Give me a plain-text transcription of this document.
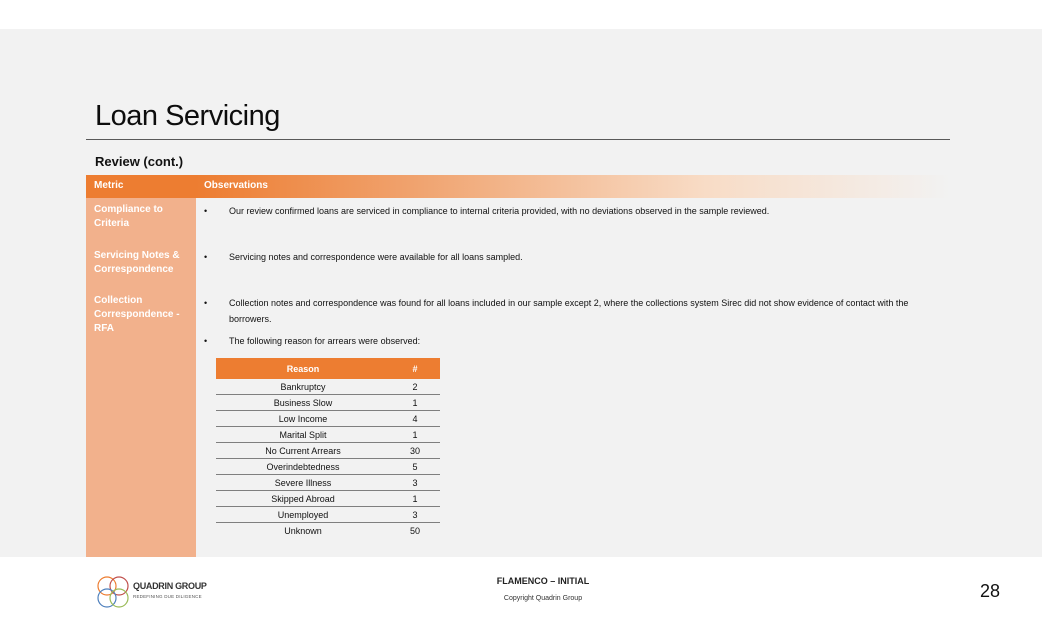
Loan Servicing
Review (cont.)
Metric	Observations
Compliance to Criteria
• Our review confirmed loans are serviced in compliance to internal criteria provided, with no deviations observed in the sample reviewed.
Servicing Notes & Correspondence
• Servicing notes and correspondence were available for all loans sampled.
Collection Correspondence - RFA
• Collection notes and correspondence was found for all loans included in our sample except 2, where the collections system Sirec did not show evidence of contact with the borrowers.
• The following reason for arrears were observed:
Reason	#
Bankruptcy	2
Business Slow	1
Low Income	4
Marital Split	1
No Current Arrears	30
Overindebtedness	5
Severe Illness	3
Skipped Abroad	1
Unemployed	3
Unknown	50
QUADRIN GROUP
REDEFINING DUE DILIGENCE
FLAMENCO – INITIAL
Copyright Quadrin Group	28
